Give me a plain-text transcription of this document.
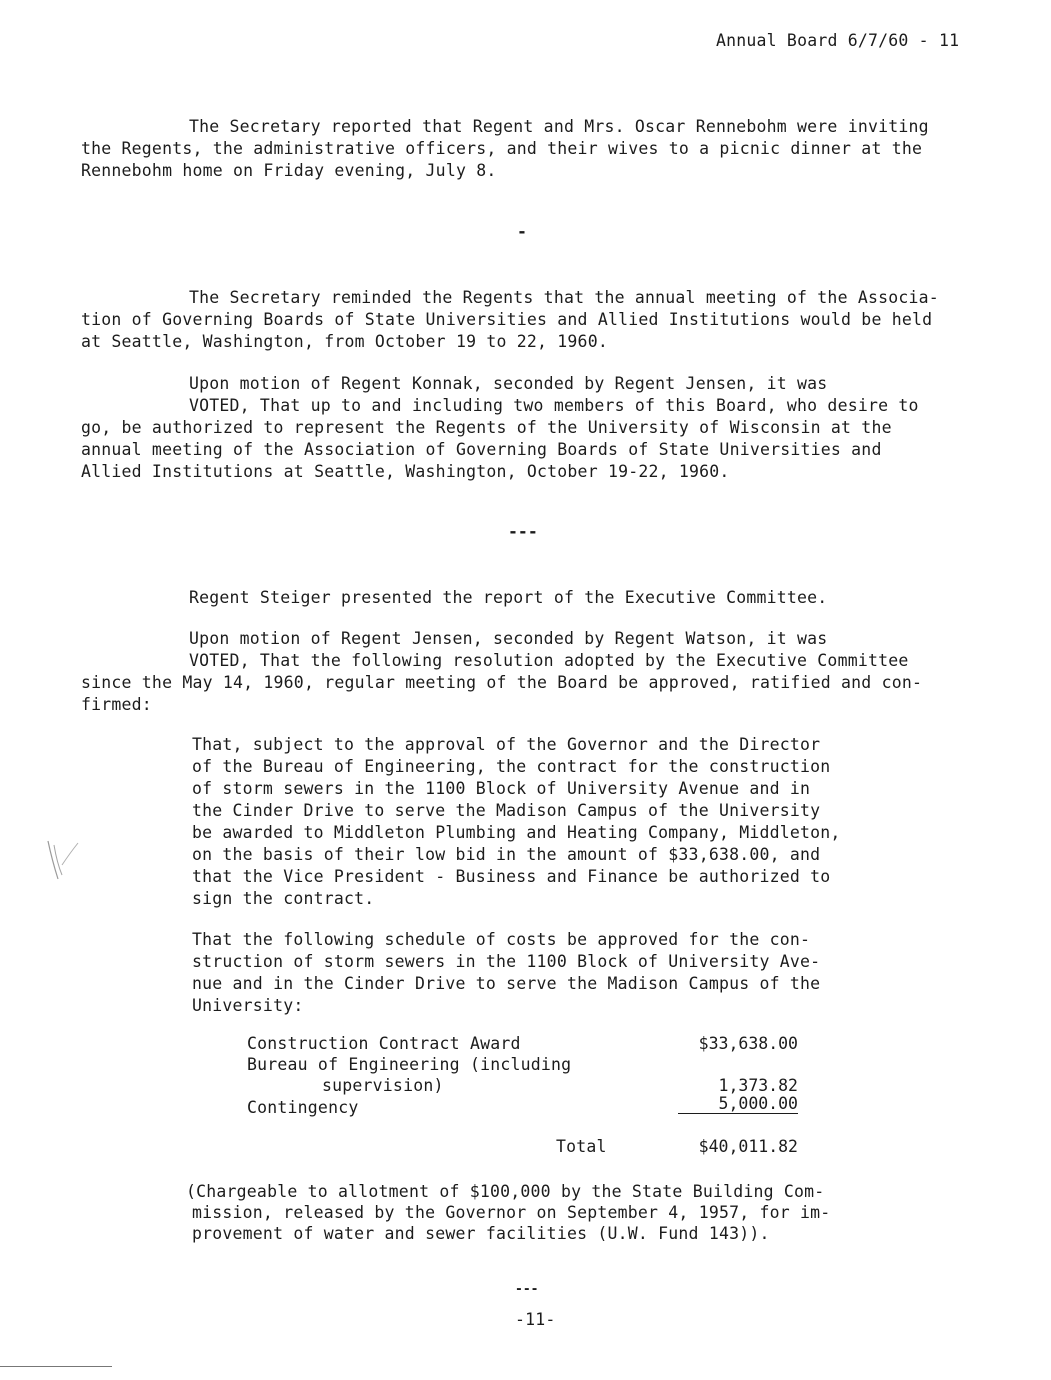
Annual Board 6/7/60 - 11
The Secretary reported that Regent and Mrs. Oscar Rennebohm were inviting
the Regents, the administrative officers, and their wives to a picnic dinner at the
Rennebohm home on Friday evening, July 8.
-
The Secretary reminded the Regents that the annual meeting of the Associa-
tion of Governing Boards of State Universities and Allied Institutions would be held
at Seattle, Washington, from October 19 to 22, 1960.
Upon motion of Regent Konnak, seconded by Regent Jensen, it was
VOTED, That up to and including two members of this Board, who desire to
go, be authorized to represent the Regents of the University of Wisconsin at the
annual meeting of the Association of Governing Boards of State Universities and
Allied Institutions at Seattle, Washington, October 19-22, 1960.
---
Regent Steiger presented the report of the Executive Committee.
Upon motion of Regent Jensen, seconded by Regent Watson, it was
VOTED, That the following resolution adopted by the Executive Committee
since the May 14, 1960, regular meeting of the Board be approved, ratified and con-
firmed:
That, subject to the approval of the Governor and the Director
of the Bureau of Engineering, the contract for the construction
of storm sewers in the 1100 Block of University Avenue and in
the Cinder Drive to serve the Madison Campus of the University
be awarded to Middleton Plumbing and Heating Company, Middleton,
on the basis of their low bid in the amount of $33,638.00, and
that the Vice President - Business and Finance be authorized to
sign the contract.
That the following schedule of costs be approved for the con-
struction of storm sewers in the 1100 Block of University Ave-
nue and in the Cinder Drive to serve the Madison Campus of the
University:
Construction Contract Award	$33,638.00
Bureau of Engineering (including
supervision)	1,373.82
Contingency	5,000.00
Total	$40,011.82
(Chargeable to allotment of $100,000 by the State Building Com-
mission, released by the Governor on September 4, 1957, for im-
provement of water and sewer facilities (U.W. Fund 143)).
---
-11-
